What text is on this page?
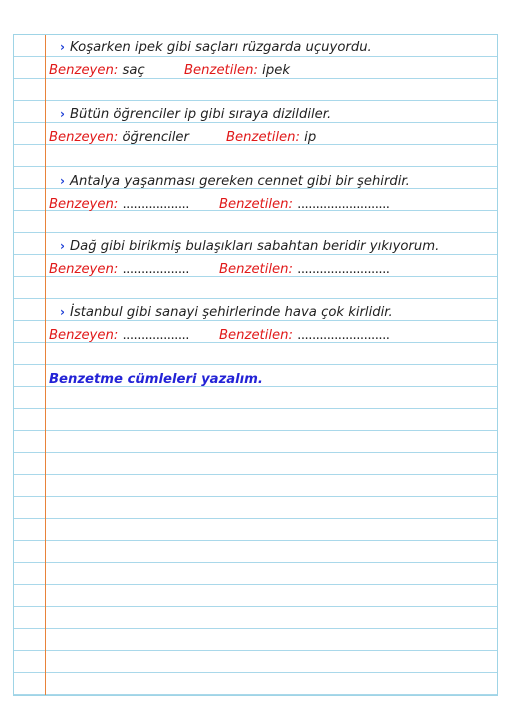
› Koşarken ipek gibi saçları rüzgarda uçuyordu.
Benzeyen: saç	Benzetilen: ipek
› Bütün öğrenciler ip gibi sıraya dizildiler.
Benzeyen: öğrenciler	Benzetilen: ip
› Antalya yaşanması gereken cennet gibi bir şehirdir.
Benzeyen: .................. Benzetilen: .........................
› Dağ gibi birikmiş bulaşıkları sabahtan beridir yıkıyorum.
Benzeyen: .................. Benzetilen: .........................
› İstanbul gibi sanayi şehirlerinde hava çok kirlidir.
Benzeyen: .................. Benzetilen: .........................
Benzetme cümleleri yazalım.
